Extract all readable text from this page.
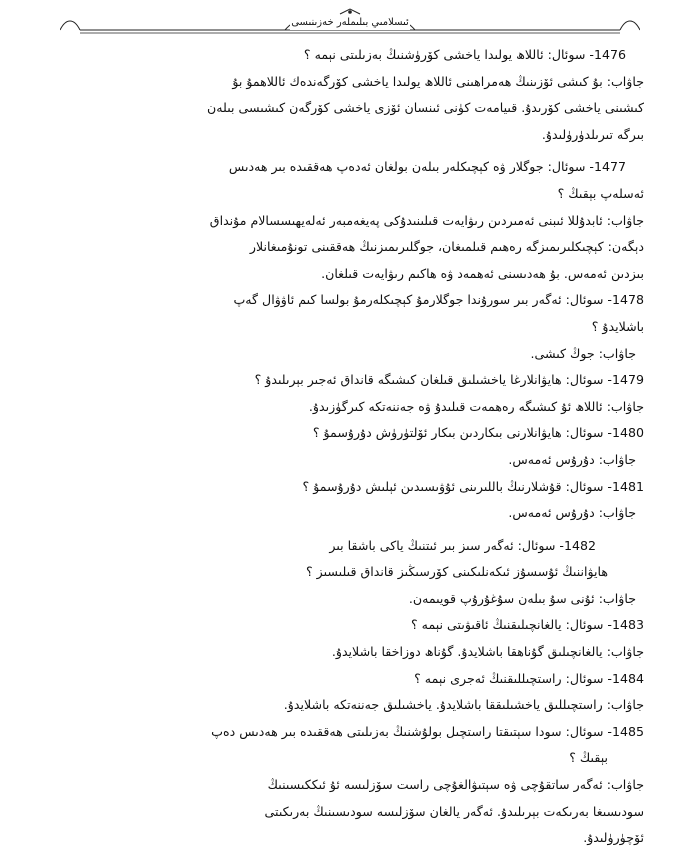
ئىسلامىي بىلىملەر خەزىنىسى
1476- سوئال: ئاللاھ يولىدا ياخشى كۆرۈشنىڭ بەزىلىتى نېمە ؟
جاۋاب: بۇ كىشى ئۆزىنىڭ ھەمراھىنى ئاللاھ يولىدا ياخشى كۆرگەندەك ئاللاھمۇ بۇ
كىشىنى ياخشى كۆرىدۇ. قىيامەت كۈنى ئىنسان ئۆزى ياخشى كۆرگەن كىشىسى بىلەن
بىرگە تىرىلدۈرۈلىدۇ.
1477- سوئال: جوگلار ۋە كېچىكلەر بىلەن بولغان ئەدەپ ھەققىدە بىر ھەدىس
ئەسلەپ بېقىڭ ؟
جاۋاب: ئابدۇللا ئىبنى ئەمىردىن رىۋايەت قىلىنىدۇكى پەيغەمبەر ئەلەيھىسسالام مۇنداق
دېگەن: كېچىكلىرىمىزگە رەھىم قىلمىغان، جوگلىرىمىزنىڭ ھەققىنى تونۇمىغانلار
بىزدىن ئەمەس. بۇ ھەدىسنى ئەھمەد ۋە ھاكىم رىۋايەت قىلغان.
1478- سوئال: ئەگەر بىر سورۇندا جوگلارمۇ كېچىكلەرمۇ بولسا كىم ئاۋۋال گەپ
باشلايدۇ ؟
جاۋاب: جوڭ كىشى.
1479- سوئال: ھايۋانلارغا ياخشىلىق قىلغان كىشىگە قانداق ئەجىر بېرىلىدۇ ؟
جاۋاب: ئاللاھ ئۇ كىشىگە رەھمەت قىلىدۇ ۋە جەننەتكە كىرگۈزىدۇ.
1480- سوئال: ھايۋانلارنى بىكاردىن بىكار ئۆلتۈرۈش دۇرۇسمۇ ؟
جاۋاب: دۇرۇس ئەمەس.
1481- سوئال: قۇشلارنىڭ باللىرىنى ئۇۋىسىدىن ئېلىش دۇرۇسمۇ ؟
جاۋاب: دۇرۇس ئەمەس.
1482- سوئال: ئەگەر سىز بىر ئىتنىڭ ياكى باشقا بىر
ھايۋاننىڭ ئۇسسۇز ئىكەنلىكىنى كۆرسىڭىز قانداق قىلىسىز ؟
جاۋاب: ئۇنى سۇ بىلەن سۇغۇرۇپ قويىمەن.
1483- سوئال: يالغانچىلىقنىڭ ئاقىۋىتى نېمە ؟
جاۋاب: يالغانچىلىق گۇناھقا باشلايدۇ. گۇناھ دوزاخقا باشلايدۇ.
1484- سوئال: راستچىللىقنىڭ ئەجرى نېمە ؟
جاۋاب: راستچىللىق ياخشىلىققا باشلايدۇ. ياخشىلىق جەننەتكە باشلايدۇ.
1485- سوئال: سودا سېتىقتا راستچىل بولۇشنىڭ بەزىلىتى ھەققىدە بىر ھەدىس دەپ
بېقىڭ ؟
جاۋاب: ئەگەر ساتقۇچى ۋە سېتىۋالغۇچى راست سۆزلىسە ئۇ ئىككىسىنىڭ
سودىسىغا بەرىكەت بېرىلىدۇ. ئەگەر يالغان سۆزلىسە سودىسىنىڭ بەرىكىتى
ئۆچۈرۈلىدۇ.
